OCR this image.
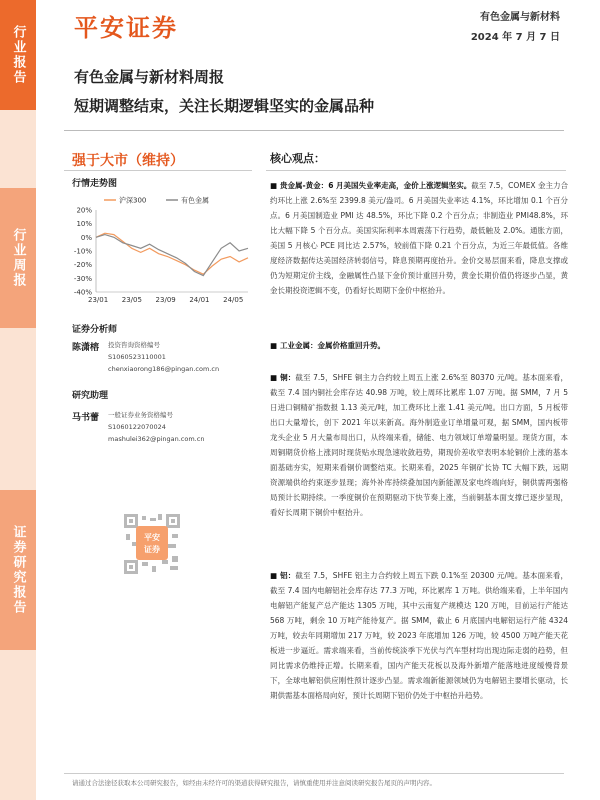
行业报告
行业周报
证券研究报告
平安证券	有色金属与新材料
2024 年 7 月 7 日
有色金属与新材料周报
短期调整结束，关注长期逻辑坚实的金属品种
强于大市（维持）
行情走势图
20%
10%
0%
-10%
-20%
-30%
-40%
23/01 23/05 23/09 24/01 24/05
沪深300	有色金属
证券分析师
陈潇榕 投资咨询资格编号
S1060523110001
chenxiaorong186@pingan.com.cn
研究助理
马书蕾 一般证券业务资格编号
S1060122070024
mashulei362@pingan.com.cn
平安
证券
核心观点：
■ 贵金属-黄金：6 月美国失业率走高，金价上涨逻辑坚实。截至 7.5，COMEX 金主力合约环比上涨 2.6%至 2399.8 美元/盎司。6 月美国失业率达 4.1%，环比增加 0.1 个百分点。6 月美国制造业 PMI 达 48.5%，环比下降 0.2 个百分点；非制造业 PMI48.8%，环比大幅下降 5 个百分点。美国实际利率本周震荡下行趋势，最低触及 2.0%。通胀方面，美国 5 月核心 PCE 同比达 2.57%，较前值下降 0.21 个百分点，为近三年最低值。各维度经济数据传达美国经济转弱信号，降息预期再度抬升。金价交易层面来看，降息支撑或仍为短期定价主线，金融属性凸显下金价预计重回升势，黄金长期价值仍将逐步凸显，黄金长期投资逻辑不变，仍看好长周期下金价中枢抬升。
■ 工业金属：金属价格重回升势。
■ 铜：截至 7.5，SHFE 铜主力合约较上周五上涨 2.6%至 80370 元/吨。基本面来看，截至 7.4 国内铜社会库存达 40.98 万吨，较上周环比累库 1.07 万吨。据 SMM，7 月 5 日进口铜精矿指数报 1.13 美元/吨，加工费环比上涨 1.41 美元/吨。出口方面，5 月板带出口大量增长，创下 2021 年以来新高。海外制造业订单增量可观，据 SMM，国内板带龙头企业 5 月大量布局出口，从终端来看，储能、电力领域订单增量明显。现货方面，本周铜期货价格上涨同时现货贴水现急速收敛趋势，期现价差收窄表明本轮铜价上涨的基本面基础夯实，短期来看铜价调整结束。长期来看，2025 年铜矿长协 TC 大幅下跌，远期资源端供给约束逐步显现；海外补库持续叠加国内新能源及家电终端向好，铜供需两强格局预计长期持续。一季度铜价在预期驱动下快节奏上涨，当前铜基本面支撑已逐步显现，看好长周期下铜价中枢抬升。
■ 铝：截至 7.5，SHFE 铝主力合约较上周五下跌 0.1%至 20300 元/吨。基本面来看，截至 7.4 国内电解铝社会库存达 77.3 万吨，环比累库 1 万吨。供给端来看，上半年国内电解铝产能复产总产能达 1305 万吨，其中云南复产规模达 120 万吨，目前运行产能达 568 万吨，剩余 10 万吨产能待复产。据 SMM，截止 6 月底国内电解铝运行产能 4324 万吨，较去年同期增加 217 万吨，较 2023 年底增加 126 万吨，较 4500 万吨产能天花板进一步逼近。需求端来看，当前传统淡季下光伏与汽车型材均出现边际走弱的趋势，但同比需求仍维持正增。长期来看，国内产能天花板以及海外新增产能落地进度缓慢背景下，全球电解铝供应刚性预计逐步凸显。需求端新能源领域仍为电解铝主要增长驱动，长期供需基本面格局向好，预计长周期下铝价仍处于中枢抬升趋势。
请通过合法途径获取本公司研究报告，如经由未经许可的渠道获得研究报告，请慎重使用并注意阅读研究报告尾页的声明内容。
